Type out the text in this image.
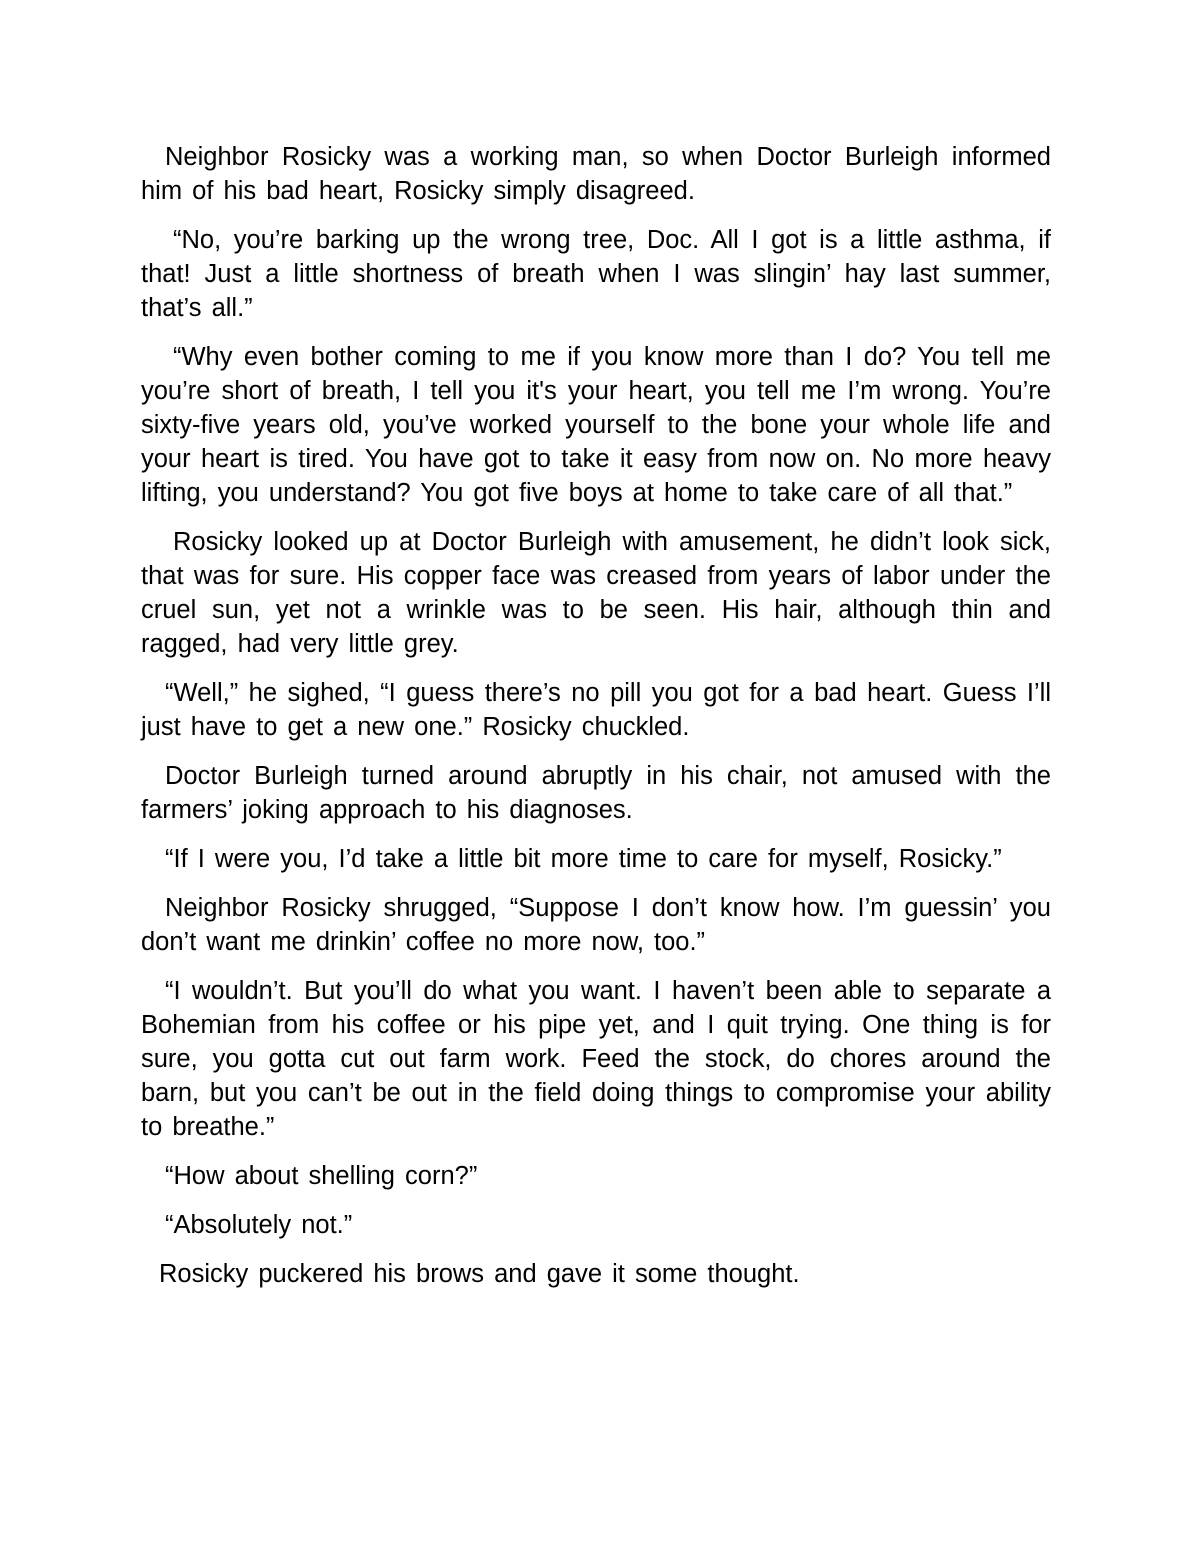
Neighbor Rosicky was a working man, so when Doctor Burleigh informed him of his bad heart, Rosicky simply disagreed.

“No, you’re barking up the wrong tree, Doc. All I got is a little asthma, if that! Just a little shortness of breath when I was slingin’ hay last summer, that’s all.”

“Why even bother coming to me if you know more than I do? You tell me you’re short of breath, I tell you it's your heart, you tell me I’m wrong. You’re sixty-five years old, you’ve worked yourself to the bone your whole life and your heart is tired. You have got to take it easy from now on. No more heavy lifting, you understand? You got five boys at home to take care of all that.”

Rosicky looked up at Doctor Burleigh with amusement, he didn’t look sick, that was for sure. His copper face was creased from years of labor under the cruel sun, yet not a wrinkle was to be seen. His hair, although thin and ragged, had very little grey.

“Well,” he sighed, “I guess there’s no pill you got for a bad heart. Guess I’ll just have to get a new one.” Rosicky chuckled.

Doctor Burleigh turned around abruptly in his chair, not amused with the farmers’ joking approach to his diagnoses.

“If I were you, I’d take a little bit more time to care for myself, Rosicky.”

Neighbor Rosicky shrugged, “Suppose I don’t know how. I’m guessin’ you don’t want me drinkin’ coffee no more now, too.”

“I wouldn’t. But you’ll do what you want. I haven’t been able to separate a Bohemian from his coffee or his pipe yet, and I quit trying. One thing is for sure, you gotta cut out farm work. Feed the stock, do chores around the barn, but you can’t be out in the field doing things to compromise your ability to breathe.”

“How about shelling corn?”

“Absolutely not.”

Rosicky puckered his brows and gave it some thought.
